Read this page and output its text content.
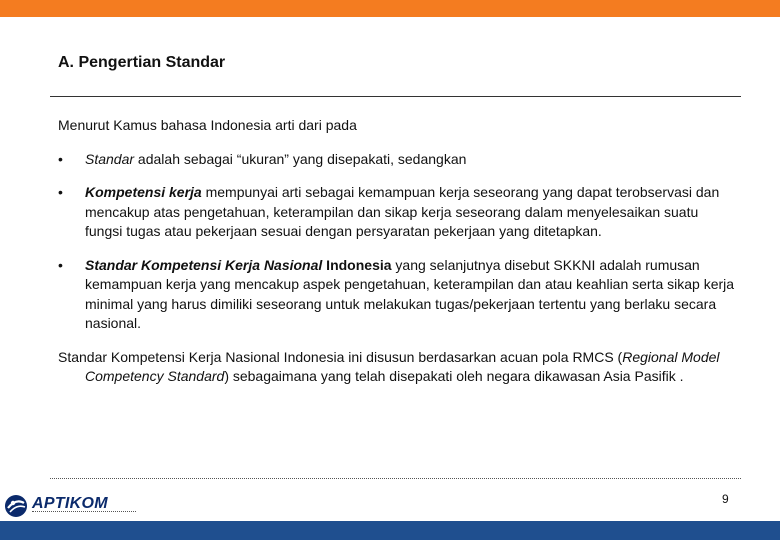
A. Pengertian Standar

Menurut Kamus bahasa Indonesia arti dari pada

• Standar adalah sebagai “ukuran” yang disepakati, sedangkan
• Kompetensi kerja mempunyai arti sebagai kemampuan kerja seseorang yang dapat terobservasi dan mencakup atas pengetahuan, keterampilan dan sikap kerja seseorang dalam menyelesaikan suatu fungsi tugas atau pekerjaan sesuai dengan persyaratan pekerjaan yang ditetapkan.
• Standar Kompetensi Kerja Nasional Indonesia yang selanjutnya disebut SKKNI adalah rumusan kemampuan kerja yang mencakup aspek pengetahuan, keterampilan dan atau keahlian serta sikap kerja minimal yang harus dimiliki seseorang untuk melakukan tugas/pekerjaan tertentu yang berlaku secara nasional.

Standar Kompetensi Kerja Nasional Indonesia ini disusun berdasarkan acuan pola RMCS (Regional Model Competency Standard) sebagaimana yang telah disepakati oleh negara dikawasan Asia Pasifik .

9
APTIKOM
